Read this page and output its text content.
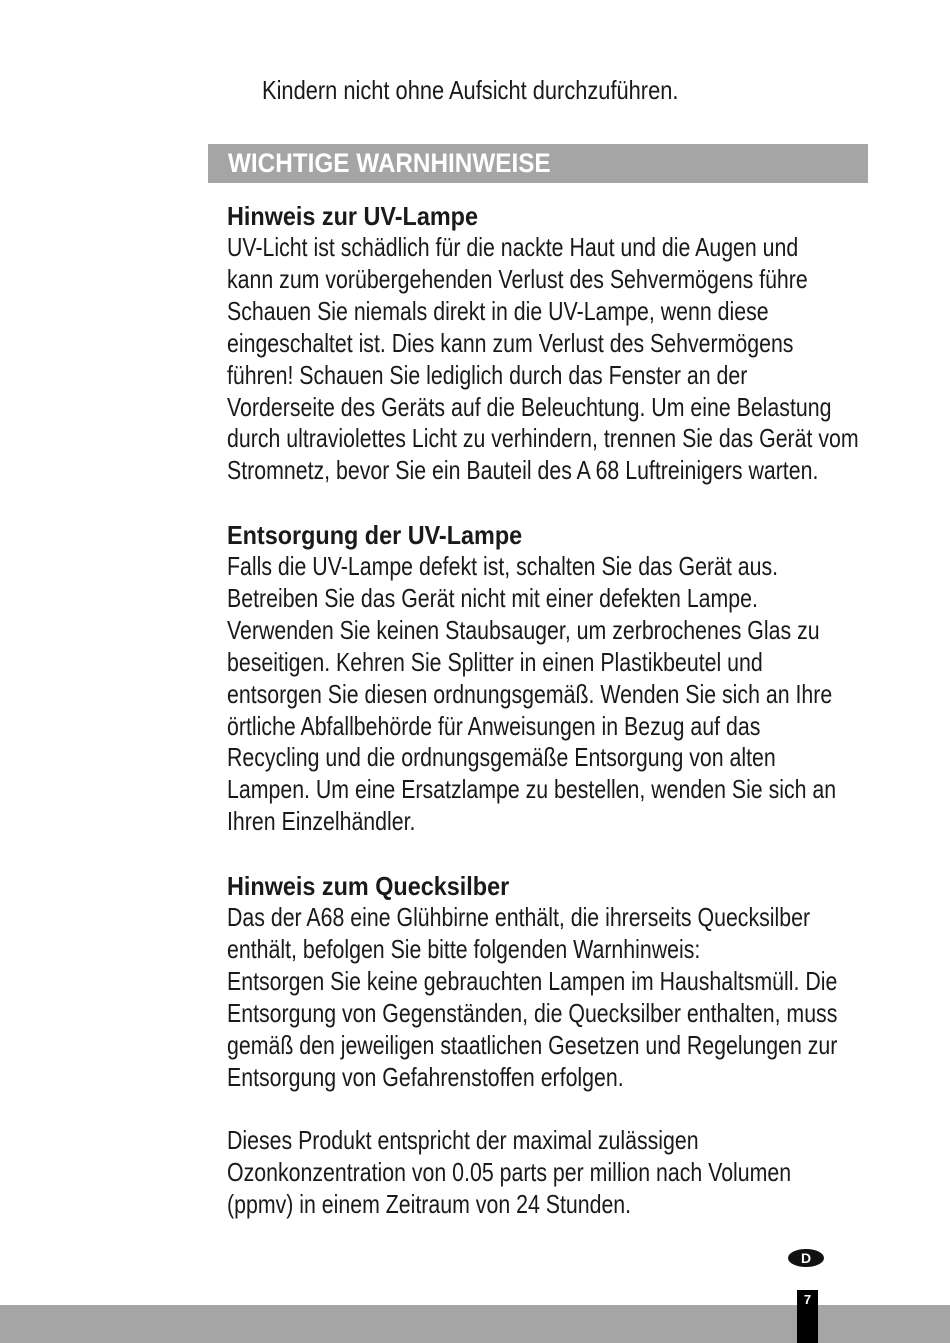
Kindern nicht ohne Aufsicht durchzuführen.
WICHTIGE WARNHINWEISE
Hinweis zur UV-Lampe
UV-Licht ist schädlich für die nackte Haut und die Augen und
kann zum vorübergehenden Verlust des Sehvermögens führe
Schauen Sie niemals direkt in die UV-Lampe, wenn diese
eingeschaltet ist. Dies kann zum Verlust des Sehvermögens
führen! Schauen Sie lediglich durch das Fenster an der
Vorderseite des Geräts auf die Beleuchtung. Um eine Belastung
durch ultraviolettes Licht zu verhindern, trennen Sie das Gerät vom
Stromnetz, bevor Sie ein Bauteil des A 68 Luftreinigers warten.
Entsorgung der UV-Lampe
Falls die UV-Lampe defekt ist, schalten Sie das Gerät aus.
Betreiben Sie das Gerät nicht mit einer defekten Lampe.
Verwenden Sie keinen Staubsauger, um zerbrochenes Glas zu
beseitigen. Kehren Sie Splitter in einen Plastikbeutel und
entsorgen Sie diesen ordnungsgemäß. Wenden Sie sich an Ihre
örtliche Abfallbehörde für Anweisungen in Bezug auf das
Recycling und die ordnungsgemäße Entsorgung von alten
Lampen. Um eine Ersatzlampe zu bestellen, wenden Sie sich an
Ihren Einzelhändler.
Hinweis zum Quecksilber
Das der A68 eine Glühbirne enthält, die ihrerseits Quecksilber
enthält, befolgen Sie bitte folgenden Warnhinweis:
Entsorgen Sie keine gebrauchten Lampen im Haushaltsmüll. Die
Entsorgung von Gegenständen, die Quecksilber enthalten, muss
gemäß den jeweiligen staatlichen Gesetzen und Regelungen zur
Entsorgung von Gefahrenstoffen erfolgen.
Dieses Produkt entspricht der maximal zulässigen
Ozonkonzentration von 0.05 parts per million nach Volumen
(ppmv) in einem Zeitraum von 24 Stunden.
D
7
